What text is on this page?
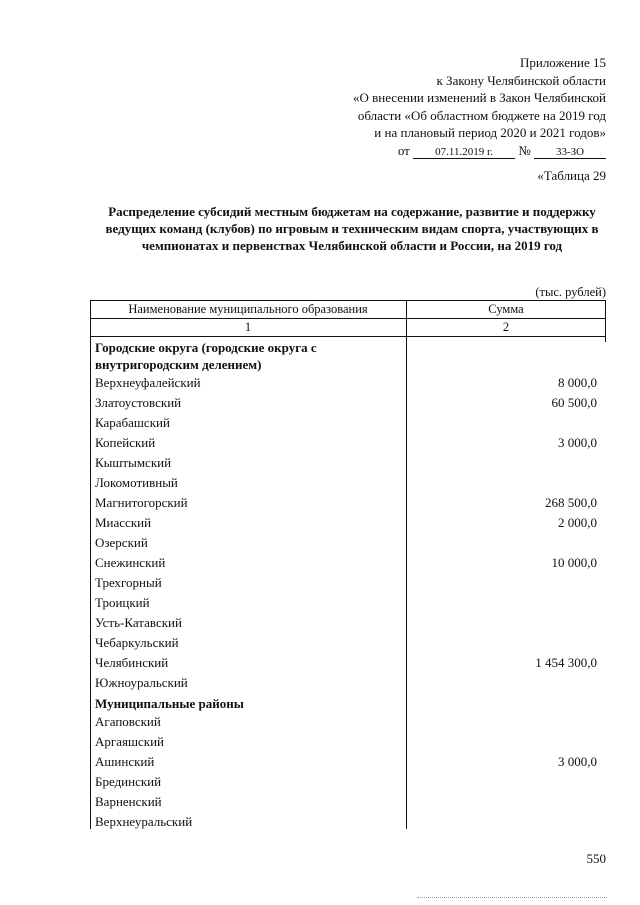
Приложение 15
к Закону Челябинской области
«О внесении изменений в Закон Челябинской
области «Об областном бюджете на 2019 год
и на плановый период 2020 и 2021 годов»
от 07.11.2019 г. № 33-ЗО
«Таблица 29
Распределение субсидий местным бюджетам на содержание, развитие и поддержку ведущих команд (клубов) по игровым и техническим видам спорта, участвующих в чемпионатах и первенствах Челябинской области и России, на 2019 год
(тыс. рублей)
Наименование муниципального образования	Сумма
1	2
Городские округа (городские округа с внутригородским делением)
Верхнеуфалейский	8 000,0
Златоустовский	60 500,0
Карабашский
Копейский	3 000,0
Кыштымский
Локомотивный
Магнитогорский	268 500,0
Миасский	2 000,0
Озерский
Снежинский	10 000,0
Трехгорный
Троицкий
Усть-Катавский
Чебаркульский
Челябинский	1 454 300,0
Южноуральский
Муниципальные районы
Агаповский
Аргаяшский
Ашинский	3 000,0
Брединский
Варненский
Верхнеуральский
550
